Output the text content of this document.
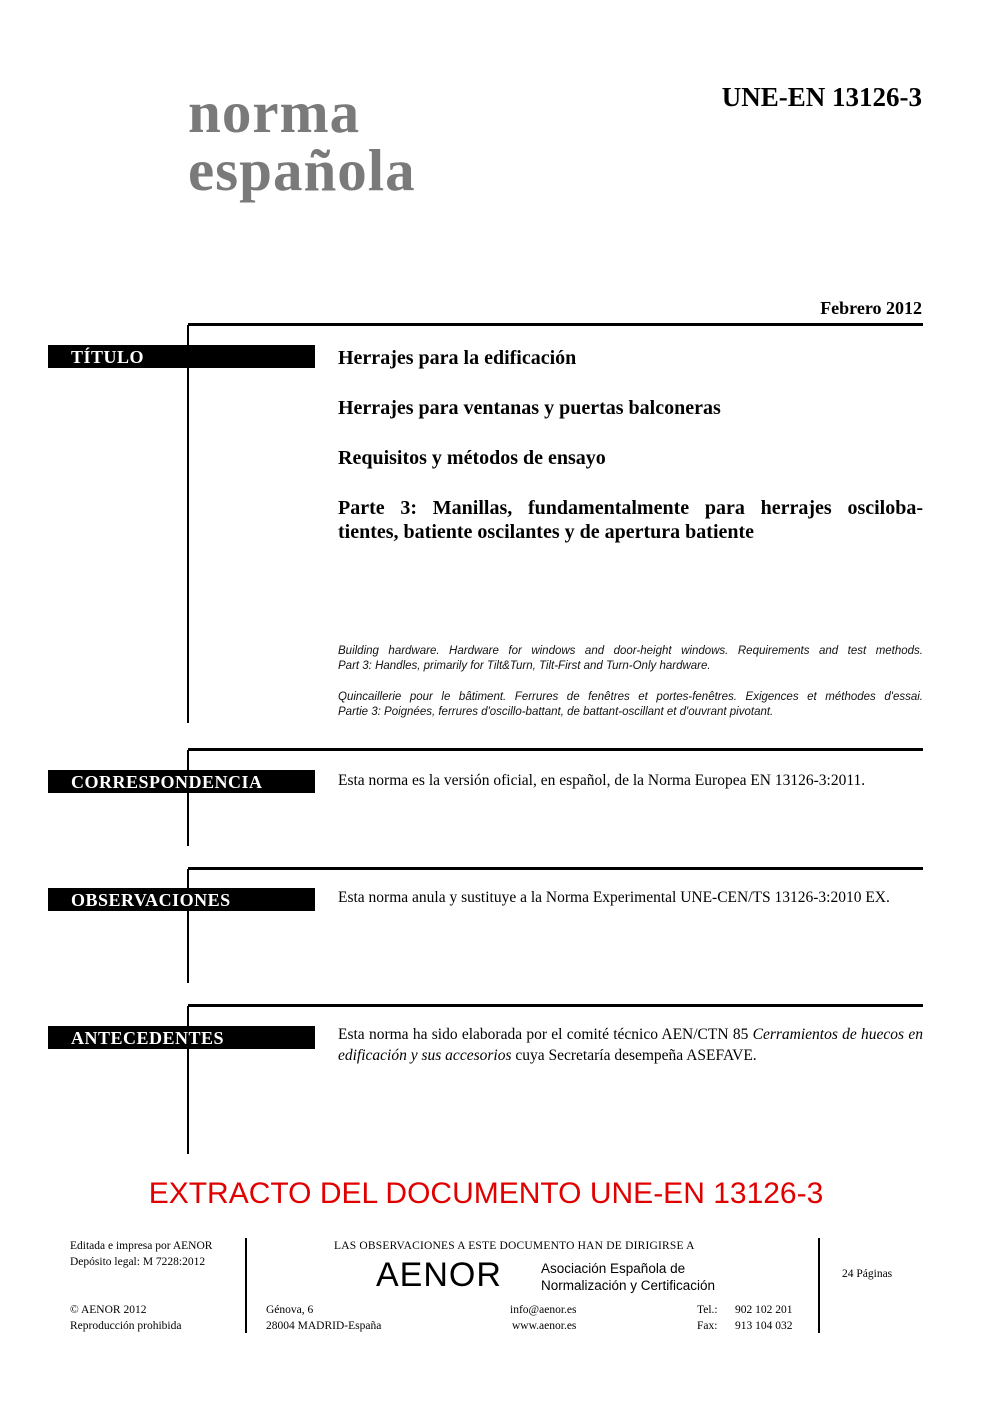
norma
española
UNE-EN 13126-3
Febrero 2012
TÍTULO	Herrajes para la edificación
Herrajes para ventanas y puertas balconeras
Requisitos y métodos de ensayo
Parte 3: Manillas, fundamentalmente para herrajes osciloba-
tientes, batiente oscilantes y de apertura batiente
Building hardware. Hardware for windows and door-height windows. Requirements and test methods.
Part 3: Handles, primarily for Tilt&Turn, Tilt-First and Turn-Only hardware.
Quincaillerie pour le bâtiment. Ferrures de fenêtres et portes-fenêtres. Exigences et méthodes d'essai.
Partie 3: Poignées, ferrures d'oscillo-battant, de battant-oscillant et d'ouvrant pivotant.
CORRESPONDENCIA	Esta norma es la versión oficial, en español, de la Norma Europea EN 13126-3:2011.
OBSERVACIONES	Esta norma anula y sustituye a la Norma Experimental UNE-CEN/TS 13126-3:2010 EX.
ANTECEDENTES	Esta norma ha sido elaborada por el comité técnico AEN/CTN 85 Cerramientos de huecos en edificación y sus accesorios cuya Secretaría desempeña ASEFAVE.
EXTRACTO DEL DOCUMENTO UNE-EN 13126-3
Editada e impresa por AENOR
Depósito legal: M 7228:2012
© AENOR 2012
Reproducción prohibida
LAS OBSERVACIONES A ESTE DOCUMENTO HAN DE DIRIGIRSE A
AENOR	Asociación Española de
Normalización y Certificación
Génova, 6
28004 MADRID-España
info@aenor.es
www.aenor.es
Tel.: 902 102 201
Fax: 913 104 032
24 Páginas
